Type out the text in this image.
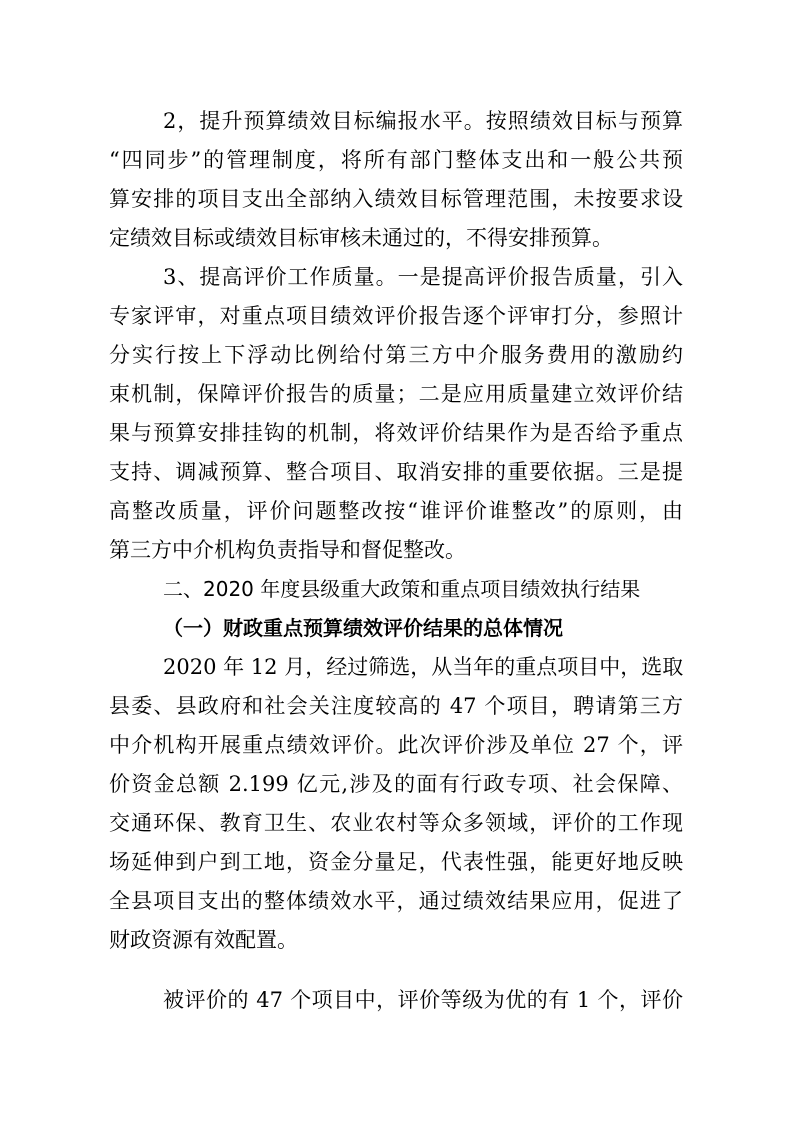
2，提升预算绩效目标编报水平。按照绩效目标与预算

“四同步”的管理制度，将所有部门整体支出和一般公共预

算安排的项目支出全部纳入绩效目标管理范围，未按要求设

定绩效目标或绩效目标审核未通过的，不得安排预算。

3、提高评价工作质量。一是提高评价报告质量，引入

专家评审，对重点项目绩效评价报告逐个评审打分，参照计

分实行按上下浮动比例给付第三方中介服务费用的激励约

束机制，保障评价报告的质量；二是应用质量建立效评价结

果与预算安排挂钩的机制，将效评价结果作为是否给予重点

支持、调减预算、整合项目、取消安排的重要依据。三是提

高整改质量，评价问题整改按“谁评价谁整改”的原则，由

第三方中介机构负责指导和督促整改。

二、2020 年度县级重大政策和重点项目绩效执行结果

（一）财政重点预算绩效评价结果的总体情况

2020 年 12 月，经过筛选，从当年的重点项目中，选取

县委、县政府和社会关注度较高的 47 个项目，聘请第三方

中介机构开展重点绩效评价。此次评价涉及单位 27 个，评

价资金总额 2.199 亿元,涉及的面有行政专项、社会保障、

交通环保、教育卫生、农业农村等众多领域，评价的工作现

场延伸到户到工地，资金分量足，代表性强，能更好地反映

全县项目支出的整体绩效水平，通过绩效结果应用，促进了

财政资源有效配置。

被评价的 47 个项目中，评价等级为优的有 1 个，评价
